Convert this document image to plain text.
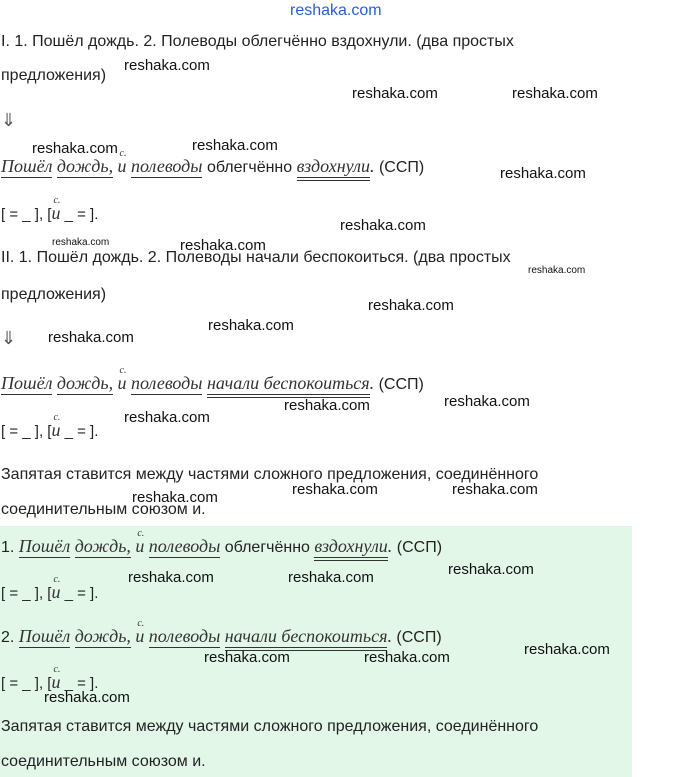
reshaka.com
I. 1. Пошёл дождь. 2. Полеводы облегчённо вздохнули. (два простых
предложения)
⇓
Пошёл дождь,
с.
и полеводы облегчённо вздохнули. (ССП)
[ = _ ], [
с.
и _ = ].
II. 1. Пошёл дождь. 2. Полеводы начали беспокоиться. (два простых
предложения)
⇓
Пошёл дождь,
с.
и полеводы начали беспокоиться. (ССП)
[ = _ ], [
с.
и _ = ].
Запятая ставится между частями сложного предложения, соединённого
соединительным союзом и.
1. Пошёл дождь,
с.
и полеводы облегчённо вздохнули. (ССП)
[ = _ ], [
с.
и _ = ].
2. Пошёл дождь,
с.
и полеводы начали беспокоиться. (ССП)
[ = _ ], [
с.
и _ = ].
Запятая ставится между частями сложного предложения, соединённого
соединительным союзом и.
reshaka.com
reshaka.com	reshaka.com
reshaka.com	reshaka.com
reshaka.com
reshaka.com
reshaka.com	reshaka.com
reshaka.com
reshaka.com
reshaka.com
reshaka.com
reshaka.com
reshaka.com
reshaka.com
reshaka.com	reshaka.com
reshaka.com
reshaka.com
reshaka.com	reshaka.com
reshaka.com
reshaka.com	reshaka.com
reshaka.com
